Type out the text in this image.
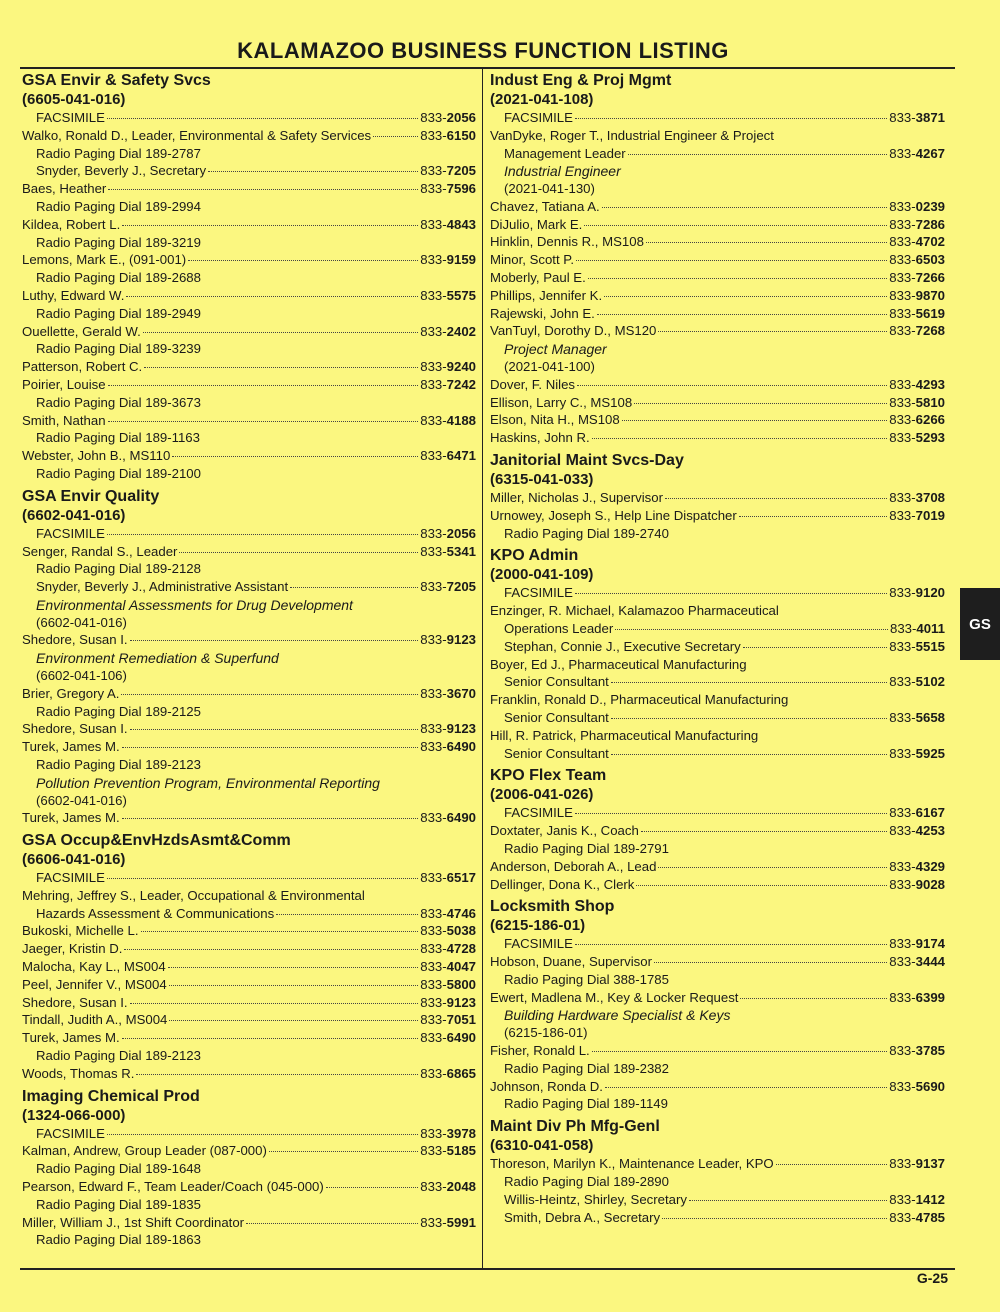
KALAMAZOO BUSINESS FUNCTION LISTING
GSA Envir & Safety Svcs
(6605-041-016)
FACSIMILE	833-2056
Walko, Ronald D., Leader, Environmental & Safety Services	833-6150
Radio Paging Dial 189-2787
Snyder, Beverly J., Secretary	833-7205
Baes, Heather	833-7596
Radio Paging Dial 189-2994
Kildea, Robert L.	833-4843
Radio Paging Dial 189-3219
Lemons, Mark E., (091-001)	833-9159
Radio Paging Dial 189-2688
Luthy, Edward W.	833-5575
Radio Paging Dial 189-2949
Ouellette, Gerald W.	833-2402
Radio Paging Dial 189-3239
Patterson, Robert C.	833-9240
Poirier, Louise	833-7242
Radio Paging Dial 189-3673
Smith, Nathan	833-4188
Radio Paging Dial 189-1163
Webster, John B., MS110	833-6471
Radio Paging Dial 189-2100
GSA Envir Quality
(6602-041-016)
FACSIMILE	833-2056
Senger, Randal S., Leader	833-5341
Radio Paging Dial 189-2128
Snyder, Beverly J., Administrative Assistant	833-7205
Environmental Assessments for Drug Development
(6602-041-016)
Shedore, Susan I.	833-9123
Environment Remediation & Superfund
(6602-041-106)
Brier, Gregory A.	833-3670
Radio Paging Dial 189-2125
Shedore, Susan I.	833-9123
Turek, James M.	833-6490
Radio Paging Dial 189-2123
Pollution Prevention Program, Environmental Reporting
(6602-041-016)
Turek, James M.	833-6490
GSA Occup&EnvHzdsAsmt&Comm
(6606-041-016)
FACSIMILE	833-6517
Mehring, Jeffrey S., Leader, Occupational & Environmental
Hazards Assessment & Communications	833-4746
Bukoski, Michelle L.	833-5038
Jaeger, Kristin D.	833-4728
Malocha, Kay L., MS004	833-4047
Peel, Jennifer V., MS004	833-5800
Shedore, Susan I.	833-9123
Tindall, Judith A., MS004	833-7051
Turek, James M.	833-6490
Radio Paging Dial 189-2123
Woods, Thomas R.	833-6865
Imaging Chemical Prod
(1324-066-000)
FACSIMILE	833-3978
Kalman, Andrew, Group Leader (087-000)	833-5185
Radio Paging Dial 189-1648
Pearson, Edward F., Team Leader/Coach (045-000)	833-2048
Radio Paging Dial 189-1835
Miller, William J., 1st Shift Coordinator	833-5991
Radio Paging Dial 189-1863
Indust Eng & Proj Mgmt
(2021-041-108)
FACSIMILE	833-3871
VanDyke, Roger T., Industrial Engineer & Project
Management Leader	833-4267
Industrial Engineer
(2021-041-130)
Chavez, Tatiana A.	833-0239
DiJulio, Mark E.	833-7286
Hinklin, Dennis R., MS108	833-4702
Minor, Scott P.	833-6503
Moberly, Paul E.	833-7266
Phillips, Jennifer K.	833-9870
Rajewski, John E.	833-5619
VanTuyl, Dorothy D., MS120	833-7268
Project Manager
(2021-041-100)
Dover, F. Niles	833-4293
Ellison, Larry C., MS108	833-5810
Elson, Nita H., MS108	833-6266
Haskins, John R.	833-5293
Janitorial Maint Svcs-Day
(6315-041-033)
Miller, Nicholas J., Supervisor	833-3708
Urnowey, Joseph S., Help Line Dispatcher	833-7019
Radio Paging Dial 189-2740
KPO Admin
(2000-041-109)
FACSIMILE	833-9120
Enzinger, R. Michael, Kalamazoo Pharmaceutical
Operations Leader	833-4011
Stephan, Connie J., Executive Secretary	833-5515
Boyer, Ed J., Pharmaceutical Manufacturing
Senior Consultant	833-5102
Franklin, Ronald D., Pharmaceutical Manufacturing
Senior Consultant	833-5658
Hill, R. Patrick, Pharmaceutical Manufacturing
Senior Consultant	833-5925
KPO Flex Team
(2006-041-026)
FACSIMILE	833-6167
Doxtater, Janis K., Coach	833-4253
Radio Paging Dial 189-2791
Anderson, Deborah A., Lead	833-4329
Dellinger, Dona K., Clerk	833-9028
Locksmith Shop
(6215-186-01)
FACSIMILE	833-9174
Hobson, Duane, Supervisor	833-3444
Radio Paging Dial 388-1785
Ewert, Madlena M., Key & Locker Request	833-6399
Building Hardware Specialist & Keys
(6215-186-01)
Fisher, Ronald L.	833-3785
Radio Paging Dial 189-2382
Johnson, Ronda D.	833-5690
Radio Paging Dial 189-1149
Maint Div Ph Mfg-Genl
(6310-041-058)
Thoreson, Marilyn K., Maintenance Leader, KPO	833-9137
Radio Paging Dial 189-2890
Willis-Heintz, Shirley, Secretary	833-1412
Smith, Debra A., Secretary	833-4785
GS
G-25
